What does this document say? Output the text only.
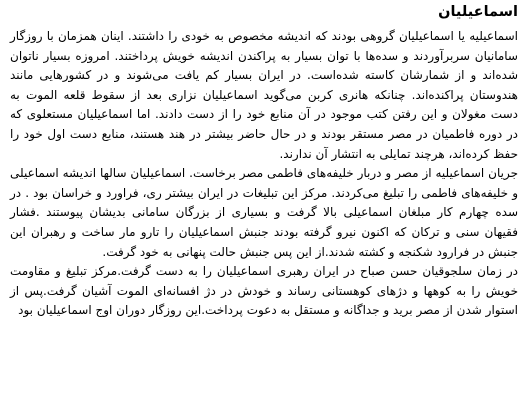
اسماعیلیان

اسماعیلیه یا اسماعیلیان گروهی بودند که اندیشه مخصوص به خودی را داشتند. اینان همزمان با روزگار سامانیان سربرآوردند و سده‌ها با توان بسیار به پراکندن اندیشه خویش پرداختند. امروزه بسیار ناتوان شده‌اند و از شمارشان کاسته شده‌است. در ایران بسیار کم یافت می‌شوند و در کشورهایی مانند هندوستان پراکنده‌اند. چنانکه هانری کربن می‌گوید اسماعیلیان نزاری بعد از سقوط قلعه الموت به دست مغولان و این رفتن کتب موجود در آن منابع خود را از دست دادند. اما اسماعیلیان مستعلوی که در دوره فاطمیان در مصر مستقر بودند و در حال حاضر بیشتر در هند هستند، منابع دست اول خود را حفظ کرده‌اند، هرچند تمایلی به انتشار آن ندارند.

جریان اسماعیلیه از مصر و دربار خلیفه‌های فاطمی مصر برخاست. اسماعیلیان سالها اندیشه اسماعیلی و خلیفه‌های فاطمی را تبلیغ می‌کردند. مرکز این تبلیغات در ایران بیشتر ری، فراورد و خراسان بود . در سده چهارم کار مبلغان اسماعیلی بالا گرفت و بسیاری از بزرگان سامانی بدیشان پیوستند .فشار فقیهان سنی و ترکان که اکنون نیرو گرفته بودند جنبش اسماعیلیان را تارو مار ساخت و رهبران این جنبش در فرارود شکنجه و کشته شدند.از این پس جنبش حالت پنهانی به خود گرفت.

در زمان سلجوقیان حسن صباح در ایران رهبری اسماعیلیان را به دست گرفت.مرکز تبلیغ و مقاومت خویش را به کوهها و دژهای کوهستانی رساند و خودش در دژ افسانه‌ای الموت آشیان گرفت.پس از استوار شدن از مصر برید و جداگانه و مستقل به دعوت پرداخت.این روزگار دوران اوج اسماعیلیان بود
